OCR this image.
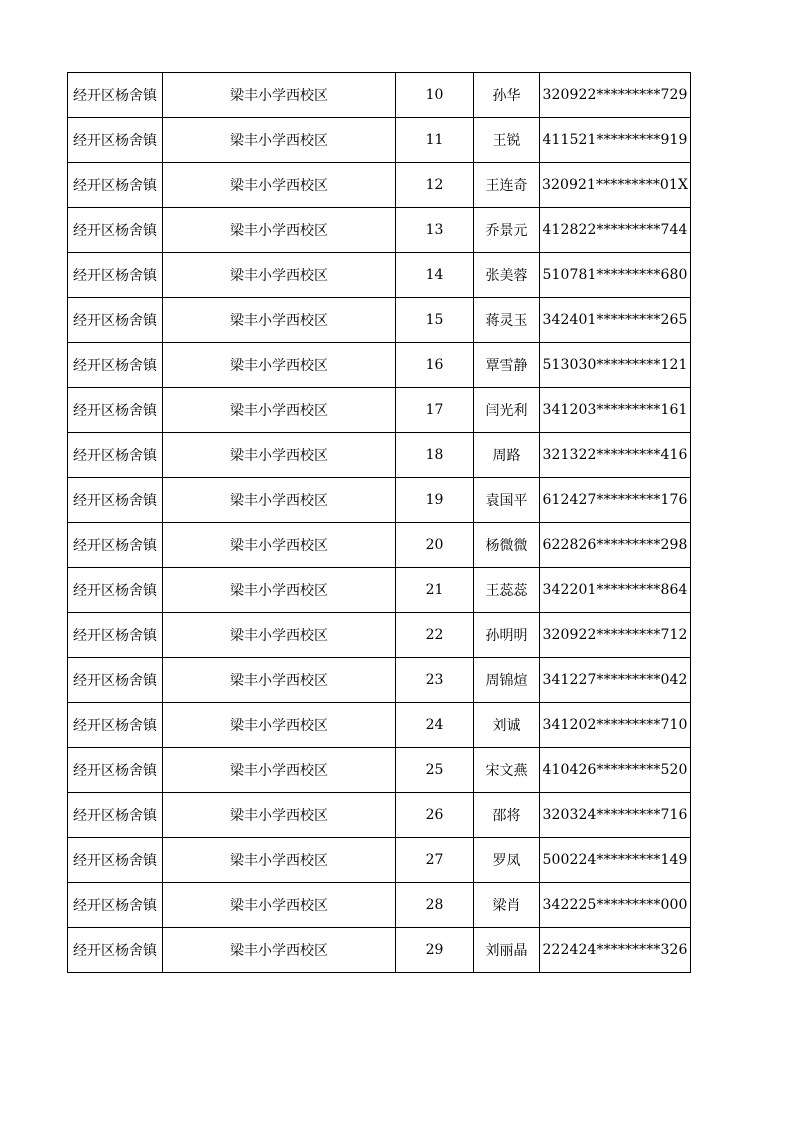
经开区杨舍镇	梁丰小学西校区	10	孙华	320922*********729
经开区杨舍镇	梁丰小学西校区	11	王锐	411521*********919
经开区杨舍镇	梁丰小学西校区	12	王连奇	320921*********01X
经开区杨舍镇	梁丰小学西校区	13	乔景元	412822*********744
经开区杨舍镇	梁丰小学西校区	14	张美蓉	510781*********680
经开区杨舍镇	梁丰小学西校区	15	蒋灵玉	342401*********265
经开区杨舍镇	梁丰小学西校区	16	覃雪静	513030*********121
经开区杨舍镇	梁丰小学西校区	17	闫光利	341203*********161
经开区杨舍镇	梁丰小学西校区	18	周路	321322*********416
经开区杨舍镇	梁丰小学西校区	19	袁国平	612427*********176
经开区杨舍镇	梁丰小学西校区	20	杨微微	622826*********298
经开区杨舍镇	梁丰小学西校区	21	王蕊蕊	342201*********864
经开区杨舍镇	梁丰小学西校区	22	孙明明	320922*********712
经开区杨舍镇	梁丰小学西校区	23	周锦煊	341227*********042
经开区杨舍镇	梁丰小学西校区	24	刘诚	341202*********710
经开区杨舍镇	梁丰小学西校区	25	宋文燕	410426*********520
经开区杨舍镇	梁丰小学西校区	26	邵将	320324*********716
经开区杨舍镇	梁丰小学西校区	27	罗凤	500224*********149
经开区杨舍镇	梁丰小学西校区	28	梁肖	342225*********000
经开区杨舍镇	梁丰小学西校区	29	刘丽晶	222424*********326
